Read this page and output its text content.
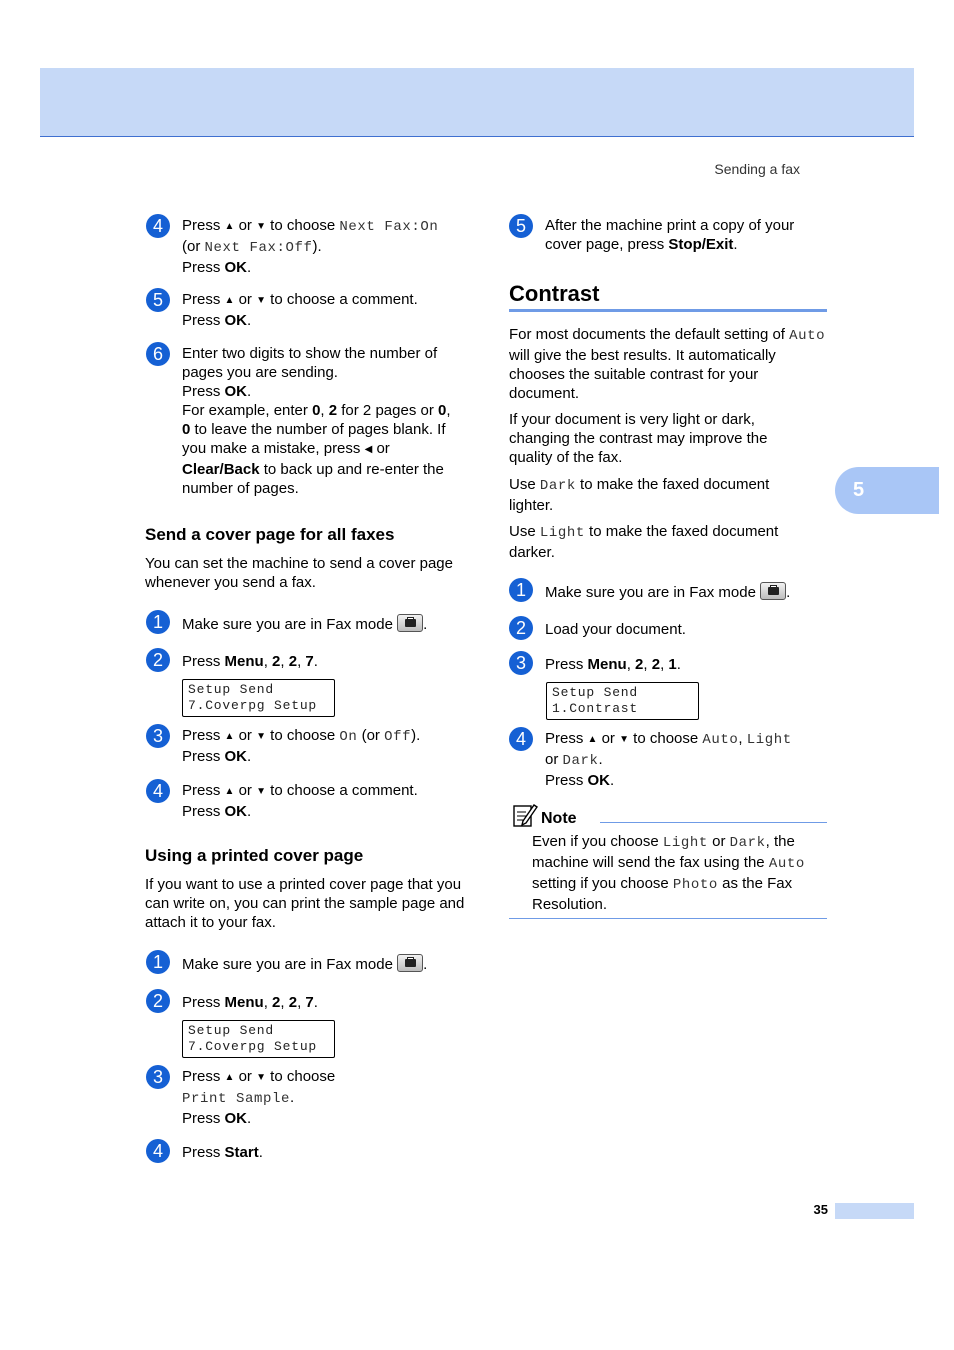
Sending a fax
5
4	Press ▲ or ▼ to choose Next Fax:On
(or Next Fax:Off).
Press OK.
5	Press ▲ or ▼ to choose a comment.
Press OK.
6	Enter two digits to show the number of
pages you are sending.
Press OK.
For example, enter 0, 2 for 2 pages or 0,
0 to leave the number of pages blank. If
you make a mistake, press ◀ or
Clear/Back to back up and re-enter the
number of pages.
Send a cover page for all faxes
You can set the machine to send a cover page whenever you send a fax.
1	Make sure you are in Fax mode
.
2	Press Menu, 2, 2, 7.
Setup Send
7.Coverpg Setup
3	Press ▲ or ▼ to choose On (or Off).
Press OK.
4	Press ▲ or ▼ to choose a comment.
Press OK.
Using a printed cover page
If you want to use a printed cover page that you can write on, you can print the sample page and attach it to your fax.
1	Make sure you are in Fax mode
.
2	Press Menu, 2, 2, 7.
Setup Send
7.Coverpg Setup
3	Press ▲ or ▼ to choose
Print Sample.
Press OK.
4	Press Start.
5	After the machine print a copy of your
cover page, press Stop/Exit.
Contrast
For most documents the default setting of Auto will give the best results. It automatically chooses the suitable contrast for your document.
If your document is very light or dark, changing the contrast may improve the quality of the fax.
Use Dark to make the faxed document lighter.
Use Light to make the faxed document darker.
1	Make sure you are in Fax mode
.
2	Load your document.
3	Press Menu, 2, 2, 1.
Setup Send
1.Contrast
4	Press ▲ or ▼ to choose Auto, Light
or Dark.
Press OK.
Note
Even if you choose Light or Dark, the machine will send the fax using the Auto setting if you choose Photo as the Fax Resolution.
35
